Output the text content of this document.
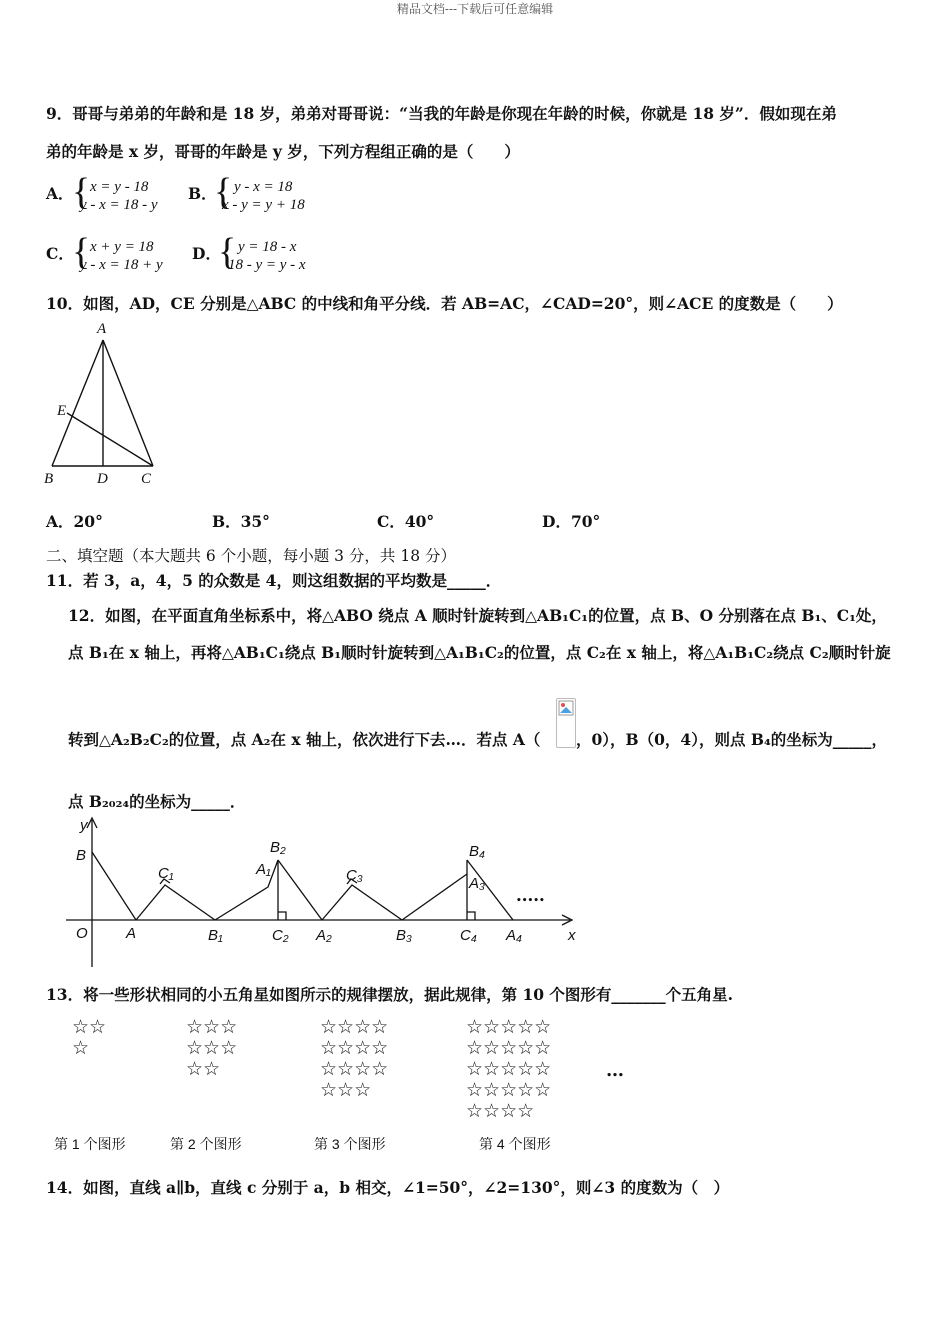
精品文档---下载后可任意编辑
9．哥哥与弟弟的年龄和是 18 岁，弟弟对哥哥说：“当我的年龄是你现在年龄的时候，你就是 18 岁”．假如现在弟
弟的年龄是 x 岁，哥哥的年龄是 y 岁，下列方程组正确的是（　　）
A．
{ x = y - 18
y - x = 18 - y
B．
{ y - x = 18
x - y = y + 18
C．
{ x + y = 18
y - x = 18 + y
D．
{ y = 18 - x
18 - y = y - x
10．如图，AD，CE 分别是△ABC 的中线和角平分线．若 AB=AC，∠CAD=20°，则∠ACE 的度数是（　　）
A
E
B	D C
A．20°	B．35°	C．40°	D．70°
二、填空题（本大题共 6 个小题，每小题 3 分，共 18 分）
11．若 3，a，4，5 的众数是 4，则这组数据的平均数是_____．
12．如图，在平面直角坐标系中，将△ABO 绕点 A 顺时针旋转到△AB₁C₁的位置，点 B、O 分别落在点 B₁、C₁处，
点 B₁在 x 轴上，再将△AB₁C₁绕点 B₁顺时针旋转到△A₁B₁C₂的位置，点 C₂在 x 轴上，将△A₁B₁C₂绕点 C₂顺时针旋
转到△A₂B₂C₂的位置，点 A₂在 x 轴上，依次进行下去…．若点 A（ ，0），B（0，4），则点 B₄的坐标为_____，
点 B₂₀₂₄的坐标为_____．
y
x
O
B
A
C₁
B₁
A₁
B₂
C₂ A₂
C₃
B₃
B₄
A₃
C₄ A₄
•••••
13．将一些形状相同的小五角星如图所示的规律摆放，据此规律，第 10 个图形有_______个五角星.
☆☆
☆
☆☆☆
☆☆☆
☆☆
☆☆☆☆
☆☆☆☆
☆☆☆☆
☆☆☆
☆☆☆☆☆
☆☆☆☆☆
☆☆☆☆☆
☆☆☆☆☆
☆☆☆☆
…
第 1 个图形	第 2 个图形	第 3 个图形	第 4 个图形
14．如图，直线 a∥b，直线 c 分别于 a，b 相交，∠1=50°，∠2=130°，则∠3 的度数为（　）
